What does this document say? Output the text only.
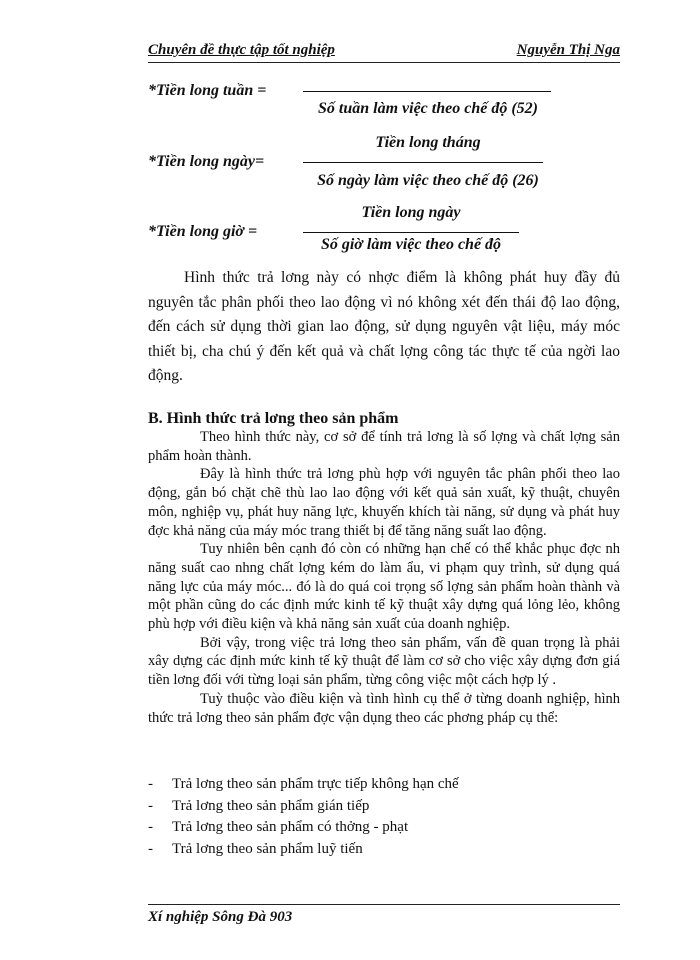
Chuyên đề thực tập tốt nghiệp	Nguyễn Thị Nga
*Tiền long tuần =
Số tuần làm việc theo chế độ (52)
*Tiền long ngày=
Tiền long tháng
Số ngày làm việc theo chế độ (26)
*Tiền long giờ =
Tiền long ngày
Số giờ làm việc theo chế độ

Hình thức trả lơng này có nhợc điểm là không phát huy đầy đủ nguyên tắc phân phối theo lao động vì nó không xét đến thái độ lao động, đến cách sử dụng thời gian lao động, sử dụng nguyên vật liệu, máy móc thiết bị, cha chú ý đến kết quả và chất lợng công tác thực tế của ngời lao động.

B. Hình thức trả lơng theo sản phẩm

Theo hình thức này, cơ sở để tính trả lơng là số lợng và chất lợng sản phẩm hoàn thành.

Đây là hình thức trả lơng phù hợp với nguyên tắc phân phối theo lao động, gắn bó chặt chẽ thù lao lao động với kết quả sản xuất, kỹ thuật, chuyên môn, nghiệp vụ, phát huy năng lực, khuyến khích tài năng, sử dụng và phát huy đợc khả năng của máy móc trang thiết bị để tăng năng suất lao động.

Tuy nhiên bên cạnh đó còn có những hạn chế có thể khắc phục đợc nh năng suất cao nhng chất lợng kém do làm ẩu, vi phạm quy trình, sử dụng quá năng lực của máy móc... đó là do quá coi trọng số lợng sản phẩm hoàn thành và một phần cũng do các định mức kinh tế kỹ thuật xây dựng quá lỏng lẻo, không phù hợp với điều kiện và khả năng sản xuất của doanh nghiệp.

Bởi vậy, trong việc trả lơng theo sản phẩm, vấn đề quan trọng là phải xây dựng các định mức kinh tế kỹ thuật để làm cơ sở cho việc xây dựng đơn giá tiền lơng đối với từng loại sản phẩm, từng công việc một cách hợp lý .

Tuỳ thuộc vào điều kiện và tình hình cụ thể ở từng doanh nghiệp, hình thức trả lơng theo sản phẩm đợc vận dụng theo các phơng pháp cụ thể:

- Trả lơng theo sản phẩm trực tiếp không hạn chế
- Trả lơng theo sản phẩm gián tiếp
- Trả lơng theo sản phẩm có thởng - phạt
- Trả lơng theo sản phẩm luỹ tiến
Xí nghiệp Sông Đà 903
